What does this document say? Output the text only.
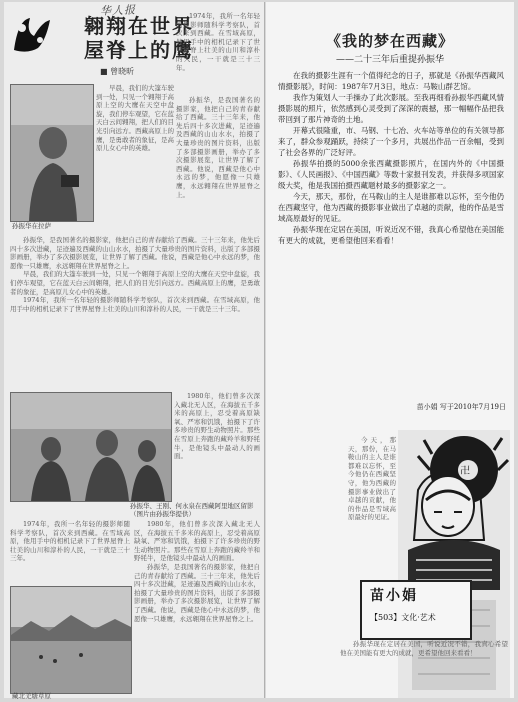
华人报
翱翔在世界
屋脊上的鹰
■ 曾晓昕

1974年，我所一名年轻的摄影师随科学考察队，首次来到西藏。在雪域高原，他用手中的相机记录下了世界屋脊上壮美的山川和淳朴的人民，一干就是三十三年。

孙振华在拉萨

早晨，我们的大篷车驶到一处，只见一个翱翔于高原上空的大鹰在天空中盘旋，我们停车观望，它在蓝天白云间翱翔，把人们的目光引向远方。西藏高原上的鹰，是勇敢者的象征，是高原儿女心中的英雄。

孙振华，是我国著名的摄影家，他把自己的青春献给了西藏。三十三年来，他先后四十多次进藏，足迹遍及西藏的山山水水，拍摄了大量珍贵的图片资料，出版了多部摄影画册，举办了多次摄影展览，让世界了解了西藏。他说，西藏是他心中永远的梦，他愿像一只雄鹰，永远翱翔在世界屋脊之上。

孙振华，是我国著名的摄影家，他把自己的青春献给了西藏。三十三年来，他先后四十多次进藏，足迹遍及西藏的山山水水，拍摄了大量珍贵的图片资料，出版了多部摄影画册，举办了多次摄影展览，让世界了解了西藏。他说，西藏是他心中永远的梦，他愿像一只雄鹰，永远翱翔在世界屋脊之上。

早晨，我们的大篷车驶到一处，只见一个翱翔于高原上空的大鹰在天空中盘旋，我们停车观望，它在蓝天白云间翱翔，把人们的目光引向远方。西藏高原上的鹰，是勇敢者的象征，是高原儿女心中的英雄。

1974年，我所一名年轻的摄影师随科学考察队，首次来到西藏。在雪域高原，他用手中的相机记录下了世界屋脊上壮美的山川和淳朴的人民，一干就是三十三年。

1980年，他们曾多次深入藏北无人区，在海拔五千多米的高原上，忍受着高原缺氧、严寒和饥饿，拍摄下了许多珍贵的野生动物照片。那些在雪原上奔跑的藏羚羊和野牦牛，是他镜头中最动人的画面。

孙振华、王刚、何永泉在西藏阿里地区留影（图片由孙振华提供）

1974年，我所一名年轻的摄影师随科学考察队，首次来到西藏。在雪域高原，他用手中的相机记录下了世界屋脊上壮美的山川和淳朴的人民，一干就是三十三年。

1980年，他们曾多次深入藏北无人区，在海拔五千多米的高原上，忍受着高原缺氧、严寒和饥饿，拍摄下了许多珍贵的野生动物照片。那些在雪原上奔跑的藏羚羊和野牦牛，是他镜头中最动人的画面。

孙振华，是我国著名的摄影家，他把自己的青春献给了西藏。三十三年来，他先后四十多次进藏，足迹遍及西藏的山山水水，拍摄了大量珍贵的图片资料，出版了多部摄影画册，举办了多次摄影展览，让世界了解了西藏。他说，西藏是他心中永远的梦，他愿像一只雄鹰，永远翱翔在世界屋脊之上。

藏北羌塘草原
《我的梦在西藏》
——二十三年后重提孙振华

在我的摄影生涯有一个值得纪念的日子，那就是《孙振华西藏风情摄影展》，时间：1987年7月3日，地点：马鞍山群艺馆。

我作为策划人一手操办了此次影展。至我再细看孙振华西藏风情摄影展的照片，依然感到心灵受到了深深的震撼，那一幅幅作品把我带回到了那片神奇的土地。

开幕式很隆重，市、马钢、十七冶、火车站等单位的有关领导都来了，群众参观踊跃，持续了一个多月，共展出作品一百余幅，受到了社会各界的广泛好评。

孙振华拍摄的5000余张西藏摄影照片，在国内外的《中国摄影》、《人民画报》、《中国西藏》等数十家报刊发表，并获得多项国家级大奖，他是我国拍摄西藏题材最多的摄影家之一。

今天，那天，那份，在马鞍山的主人是谁都难以忘怀，至今他仍在西藏坚守，他为西藏的摄影事业做出了卓越的贡献，他的作品是雪域高原最好的见证。

孙振华现在定居在美国，听说近况不错，我真心希望他在美国能有更大的成就，更希望他回来看看！

苗小娟 写于2010年7月19日
卍

今天，那天，那份，在马鞍山的主人是谁都难以忘怀，至今他仍在西藏坚守，他为西藏的摄影事业做出了卓越的贡献，他的作品是雪域高原最好的见证。

苗小娟
【503】文化·艺术

孙振华现在定居在美国，听说近况不错，我真心希望他在美国能有更大的成就，更希望他回来看看！
